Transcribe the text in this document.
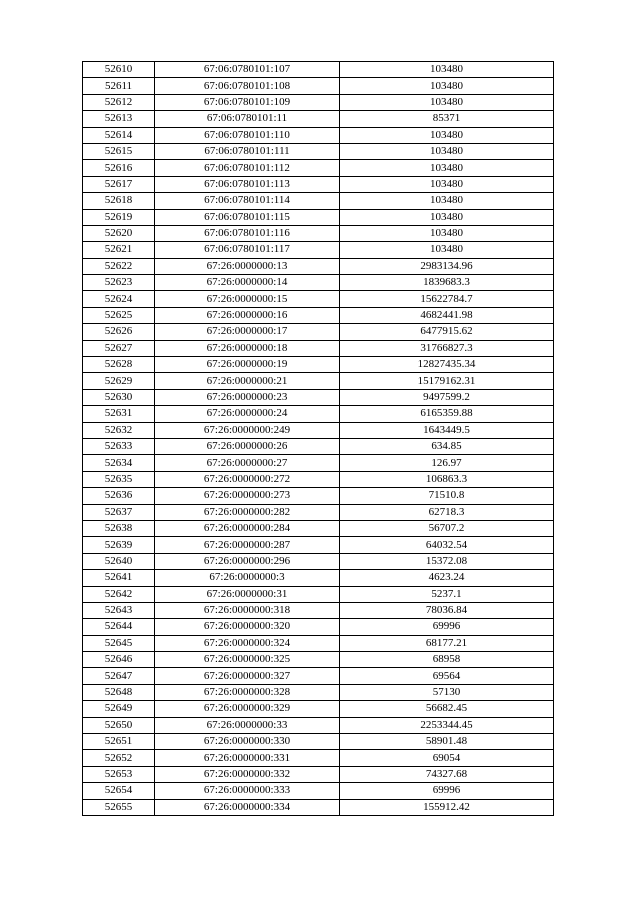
52610	67:06:0780101:107	103480
52611	67:06:0780101:108	103480
52612	67:06:0780101:109	103480
52613	67:06:0780101:11	85371
52614	67:06:0780101:110	103480
52615	67:06:0780101:111	103480
52616	67:06:0780101:112	103480
52617	67:06:0780101:113	103480
52618	67:06:0780101:114	103480
52619	67:06:0780101:115	103480
52620	67:06:0780101:116	103480
52621	67:06:0780101:117	103480
52622	67:26:0000000:13	2983134.96
52623	67:26:0000000:14	1839683.3
52624	67:26:0000000:15	15622784.7
52625	67:26:0000000:16	4682441.98
52626	67:26:0000000:17	6477915.62
52627	67:26:0000000:18	31766827.3
52628	67:26:0000000:19	12827435.34
52629	67:26:0000000:21	15179162.31
52630	67:26:0000000:23	9497599.2
52631	67:26:0000000:24	6165359.88
52632	67:26:0000000:249	1643449.5
52633	67:26:0000000:26	634.85
52634	67:26:0000000:27	126.97
52635	67:26:0000000:272	106863.3
52636	67:26:0000000:273	71510.8
52637	67:26:0000000:282	62718.3
52638	67:26:0000000:284	56707.2
52639	67:26:0000000:287	64032.54
52640	67:26:0000000:296	15372.08
52641	67:26:0000000:3	4623.24
52642	67:26:0000000:31	5237.1
52643	67:26:0000000:318	78036.84
52644	67:26:0000000:320	69996
52645	67:26:0000000:324	68177.21
52646	67:26:0000000:325	68958
52647	67:26:0000000:327	69564
52648	67:26:0000000:328	57130
52649	67:26:0000000:329	56682.45
52650	67:26:0000000:33	2253344.45
52651	67:26:0000000:330	58901.48
52652	67:26:0000000:331	69054
52653	67:26:0000000:332	74327.68
52654	67:26:0000000:333	69996
52655	67:26:0000000:334	155912.42
